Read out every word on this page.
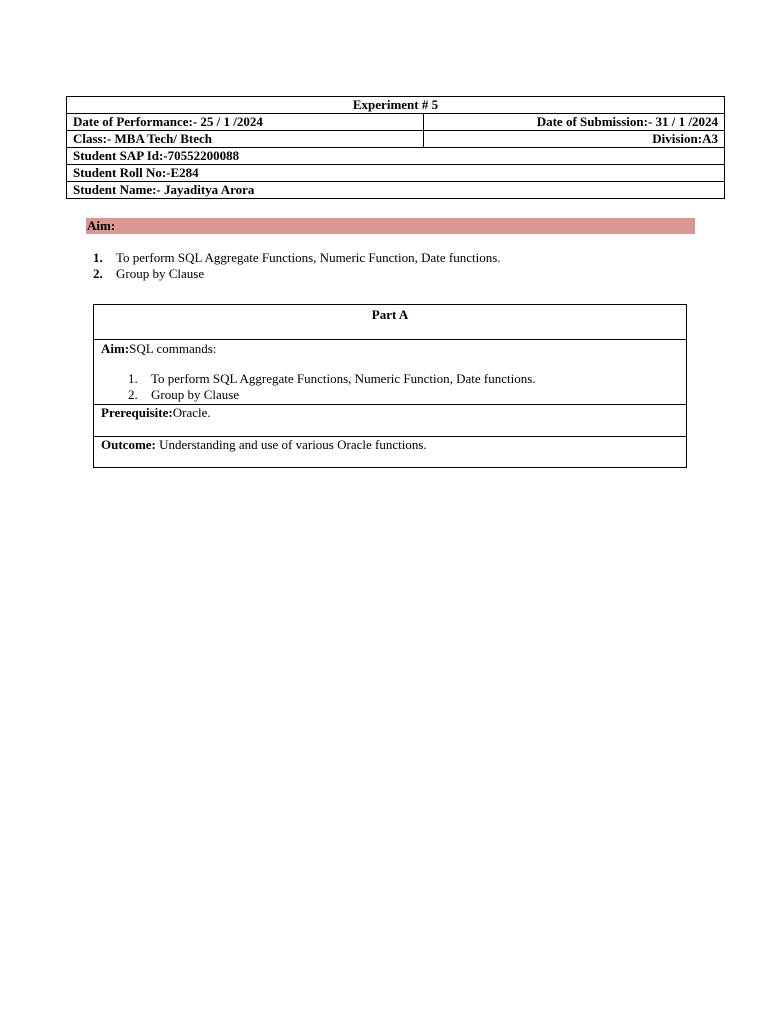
Experiment # 5	
Date of Performance:- 25 / 1 /2024	Date of Submission:- 31 / 1 /2024
Class:- MBA Tech/ Btech	Division:A3
Student SAP Id:-70552200088	
Student Roll No:-E284	
Student Name:- Jayaditya Arora	
Aim:
1.	To perform SQL Aggregate Functions, Numeric Function, Date functions.
2.	Group by Clause
Part A

Aim:SQL commands:
1.	To perform SQL Aggregate Functions, Numeric Function, Date functions.
2.	Group by Clause

Prerequisite:Oracle.
Outcome: Understanding and use of various Oracle functions.
